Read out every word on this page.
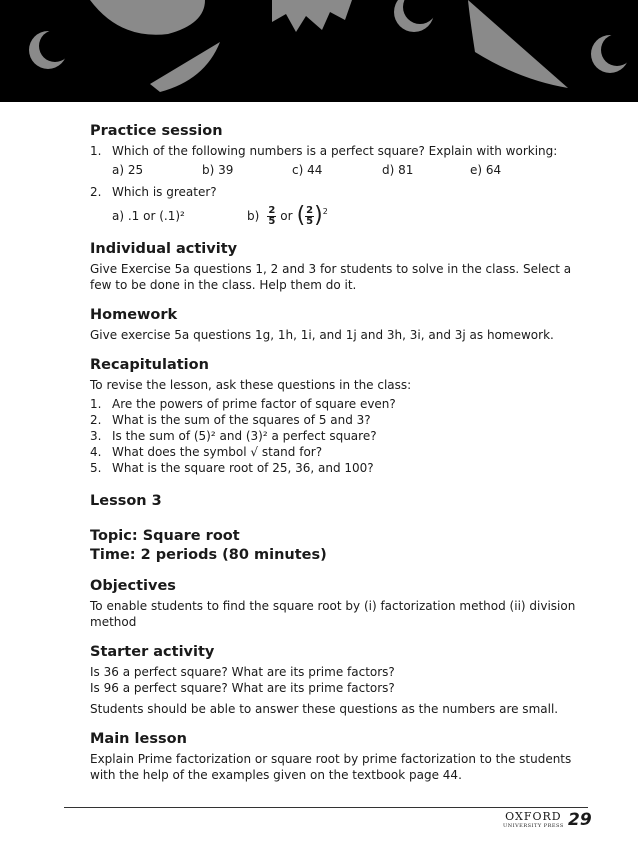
Practice session

1. Which of the following numbers is a perfect square? Explain with working:
a) 25	b) 39	c) 44	d) 81	e) 64
2. Which is greater?
a) .1 or (.1)²	$b) \frac{2}{5}$ or ( $\frac{2}{5}$ ) 2

Individual activity

Give Exercise 5a questions 1, 2 and 3 for students to solve in the class. Select a few to be done in the class. Help them do it.

Homework

Give exercise 5a questions 1g, 1h, 1i, and 1j and 3h, 3i, and 3j as homework.

Recapitulation

To revise the lesson, ask these questions in the class:

1. Are the powers of prime factor of square even?
2. What is the sum of the squares of 5 and 3?
3. Is the sum of (5)² and (3)² a perfect square?
4. What does the symbol √ stand for?
5. What is the square root of 25, 36, and 100?

Lesson 3

Topic: Square root

Time: 2 periods (80 minutes)

Objectives

To enable students to find the square root by (i) factorization method (ii) division method

Starter activity

Is 36 a perfect square? What are its prime factors?

Is 96 a perfect square? What are its prime factors?

Students should be able to answer these questions as the numbers are small.

Main lesson

Explain Prime factorization or square root by prime factorization to the students with the help of the examples given on the textbook page 44.

OXFORD
UNIVERSITY PRESS 29
